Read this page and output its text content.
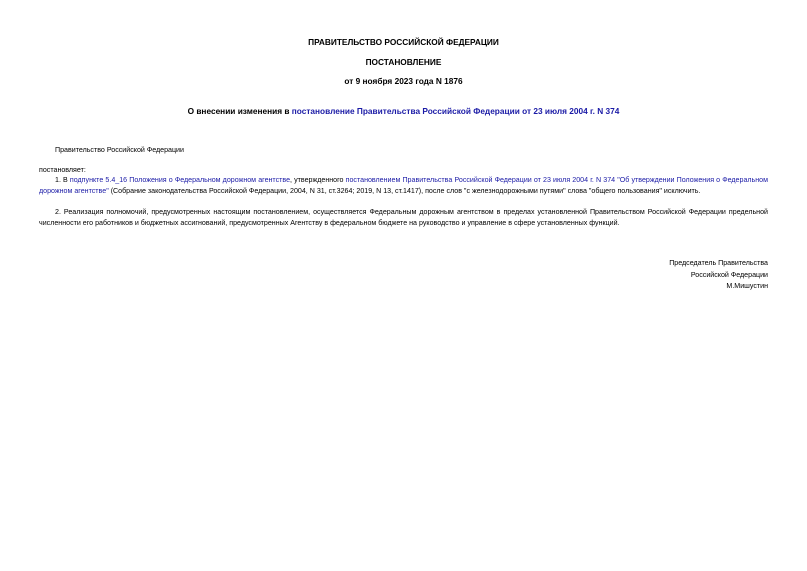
ПРАВИТЕЛЬСТВО РОССИЙСКОЙ ФЕДЕРАЦИИ
ПОСТАНОВЛЕНИЕ
от 9 ноября 2023 года N 1876
О внесении изменения в постановление Правительства Российской Федерации от 23 июля 2004 г. N 374
Правительство Российской Федерации
постановляет:
1. В подпункте 5.4_16 Положения о Федеральном дорожном агентстве, утвержденного постановлением Правительства Российской Федерации от 23 июля 2004 г. N 374 "Об утверждении Положения о Федеральном дорожном агентстве" (Собрание законодательства Российской Федерации, 2004, N 31, ст.3264; 2019, N 13, ст.1417), после слов "с железнодорожными путями" слова "общего пользования" исключить.
2. Реализация полномочий, предусмотренных настоящим постановлением, осуществляется Федеральным дорожным агентством в пределах установленной Правительством Российской Федерации предельной численности его работников и бюджетных ассигнований, предусмотренных Агентству в федеральном бюджете на руководство и управление в сфере установленных функций.
Председатель Правительства
Российской Федерации
М.Мишустин
